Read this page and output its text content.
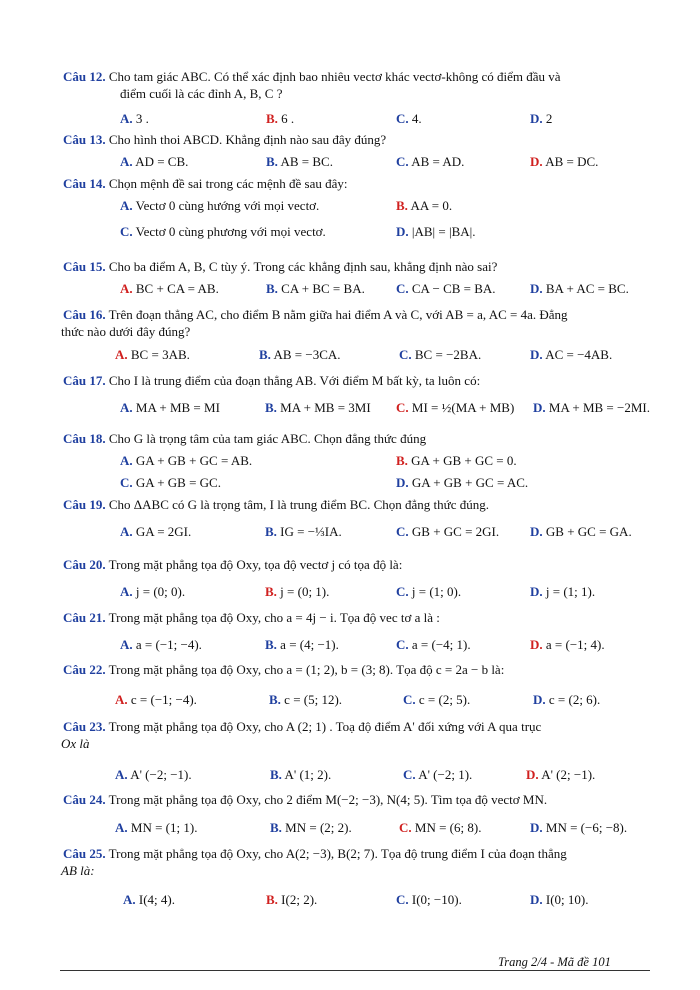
Câu 12. Cho tam giác ABC. Có thể xác định bao nhiêu vectơ khác vectơ-không có điểm đầu và
điểm cuối là các đỉnh A, B, C ?
A. 3 .	B. 6 .	C. 4.	D. 2
Câu 13. Cho hình thoi ABCD. Khẳng định nào sau đây đúng?
A. AD = CB.	B. AB = BC.	C. AB = AD.	D. AB = DC.
Câu 14. Chọn mệnh đề sai trong các mệnh đề sau đây:
A. Vectơ 0 cùng hướng với mọi vectơ.	B. AA = 0.
C. Vectơ 0 cùng phương với mọi vectơ.	D. |AB| = |BA|.
Câu 15. Cho ba điểm A, B, C tùy ý. Trong các khẳng định sau, khẳng định nào sai?
A. BC + CA = AB.	B. CA + BC = BA. C. CA − CB = BA.	D. BA + AC = BC.
Câu 16. Trên đoạn thẳng AC, cho điểm B nằm giữa hai điểm A và C, với AB = a, AC = 4a. Đẳng
thức nào dưới đây đúng?
A. BC = 3AB.	B. AB = −3CA.	C. BC = −2BA.	D. AC = −4AB.
Câu 17. Cho I là trung điểm của đoạn thẳng AB. Với điểm M bất kỳ, ta luôn có:
A. MA + MB = MI	B. MA + MB = 3MI C. MI = ½(MA + MB) D. MA + MB = −2MI.
Câu 18. Cho G là trọng tâm của tam giác ABC. Chọn đẳng thức đúng
A. GA + GB + GC = AB.	B. GA + GB + GC = 0.
C. GA + GB = GC.	D. GA + GB + GC = AC.
Câu 19. Cho ΔABC có G là trọng tâm, I là trung điểm BC. Chọn đẳng thức đúng.
A. GA = 2GI.	B. IG = −⅓IA.	C. GB + GC = 2GI. D. GB + GC = GA.
Câu 20. Trong mặt phẳng tọa độ Oxy, tọa độ vectơ j có tọa độ là:
A. j = (0; 0).	B. j = (0; 1).	C. j = (1; 0).	D. j = (1; 1).
Câu 21. Trong mặt phẳng tọa độ Oxy, cho a = 4j − i. Tọa độ vec tơ a là :
A. a = (−1; −4).	B. a = (4; −1).	C. a = (−4; 1).	D. a = (−1; 4).
Câu 22. Trong mặt phẳng tọa độ Oxy, cho a = (1; 2), b = (3; 8). Tọa độ c = 2a − b là:
A. c = (−1; −4).	B. c = (5; 12).	C. c = (2; 5).	D. c = (2; 6).
Câu 23. Trong mặt phẳng tọa độ Oxy, cho A (2; 1) . Toạ độ điểm A' đối xứng với A qua trục
Ox là
A. A' (−2; −1).	B. A' (1; 2).	C. A' (−2; 1).	D. A' (2; −1).
Câu 24. Trong mặt phẳng tọa độ Oxy, cho 2 điểm M(−2; −3), N(4; 5). Tìm tọa độ vectơ MN.
A. MN = (1; 1).	B. MN = (2; 2).	C. MN = (6; 8).	D. MN = (−6; −8).
Câu 25. Trong mặt phẳng tọa độ Oxy, cho A(2; −3), B(2; 7). Tọa độ trung điểm I của đoạn thẳng
AB là:
A. I(4; 4).	B. I(2; 2).	C. I(0; −10).	D. I(0; 10).
Trang 2/4 - Mã đề 101
